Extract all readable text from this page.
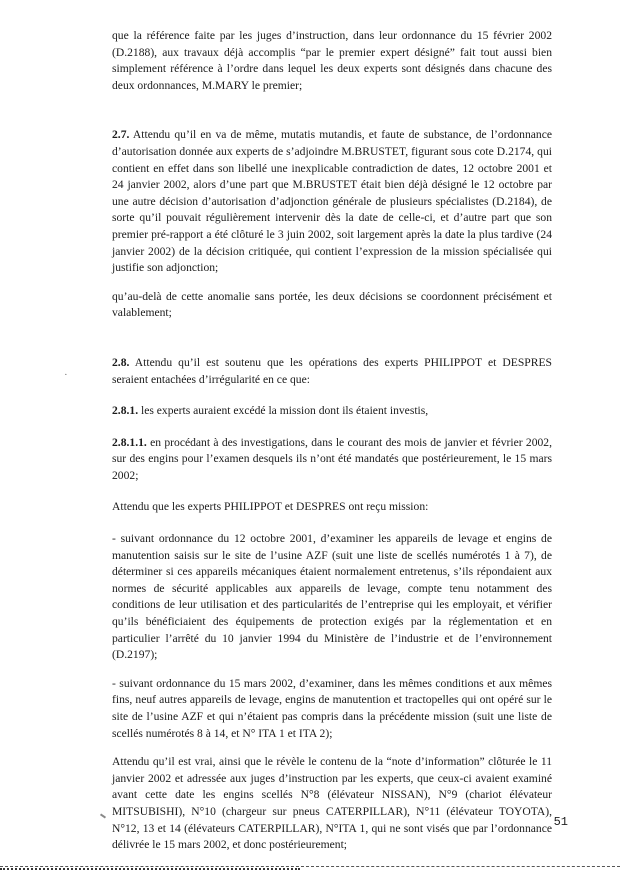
que la référence faite par les juges d’instruction, dans leur ordonnance du 15 février 2002 (D.2188), aux travaux déjà accomplis “par le premier expert désigné” fait tout aussi bien simplement référence à l’ordre dans lequel les deux experts sont désignés dans chacune des deux ordonnances, M.MARY le premier;

2.7. Attendu qu’il en va de même, mutatis mutandis, et faute de substance, de l’ordonnance d’autorisation donnée aux experts de s’adjoindre M.BRUSTET, figurant sous cote D.2174, qui contient en effet dans son libellé une inexplicable contradiction de dates, 12 octobre 2001 et 24 janvier 2002, alors d’une part que M.BRUSTET était bien déjà désigné le 12 octobre par une autre décision d’autorisation d’adjonction générale de plusieurs spécialistes (D.2184), de sorte qu’il pouvait régulièrement intervenir dès la date de celle-ci, et d’autre part que son premier pré-rapport a été clôturé le 3 juin 2002, soit largement après la date la plus tardive (24 janvier 2002) de la décision critiquée, qui contient l’expression de la mission spécialisée qui justifie son adjonction;

qu’au-delà de cette anomalie sans portée, les deux décisions se coordonnent précisément et valablement;

2.8. Attendu qu’il est soutenu que les opérations des experts PHILIPPOT et DESPRES seraient entachées d’irrégularité en ce que:

2.8.1. les experts auraient excédé la mission dont ils étaient investis,

2.8.1.1. en procédant à des investigations, dans le courant des mois de janvier et février 2002, sur des engins pour l’examen desquels ils n’ont été mandatés que postérieurement, le 15 mars 2002;

Attendu que les experts PHILIPPOT et DESPRES ont reçu mission:

- suivant ordonnance du 12 octobre 2001, d’examiner les appareils de levage et engins de manutention saisis sur le site de l’usine AZF (suit une liste de scellés numérotés 1 à 7), de déterminer si ces appareils mécaniques étaient normalement entretenus, s’ils répondaient aux normes de sécurité applicables aux appareils de levage, compte tenu notamment des conditions de leur utilisation et des particularités de l’entreprise qui les employait, et vérifier qu’ils bénéficiaient des équipements de protection exigés par la réglementation et en particulier l’arrêté du 10 janvier 1994 du Ministère de l’industrie et de l’environnement (D.2197);

- suivant ordonnance du 15 mars 2002, d’examiner, dans les mêmes conditions et aux mêmes fins, neuf autres appareils de levage, engins de manutention et tractopelles qui ont opéré sur le site de l’usine AZF et qui n’étaient pas compris dans la précédente mission (suit une liste de scellés numérotés 8 à 14, et N° ITA 1 et ITA 2);

Attendu qu’il est vrai, ainsi que le révèle le contenu de la “note d’information” clôturée le 11 janvier 2002 et adressée aux juges d’instruction par les experts, que ceux-ci avaient examiné avant cette date les engins scellés N°8 (élévateur NISSAN), N°9 (chariot élévateur MITSUBISHI), N°10 (chargeur sur pneus CATERPILLAR), N°11 (élévateur TOYOTA), N°12, 13 et 14 (élévateurs CATERPILLAR), N°ITA 1, qui ne sont visés que par l’ordonnance délivrée le 15 mars 2002, et donc postérieurement;

·
51
